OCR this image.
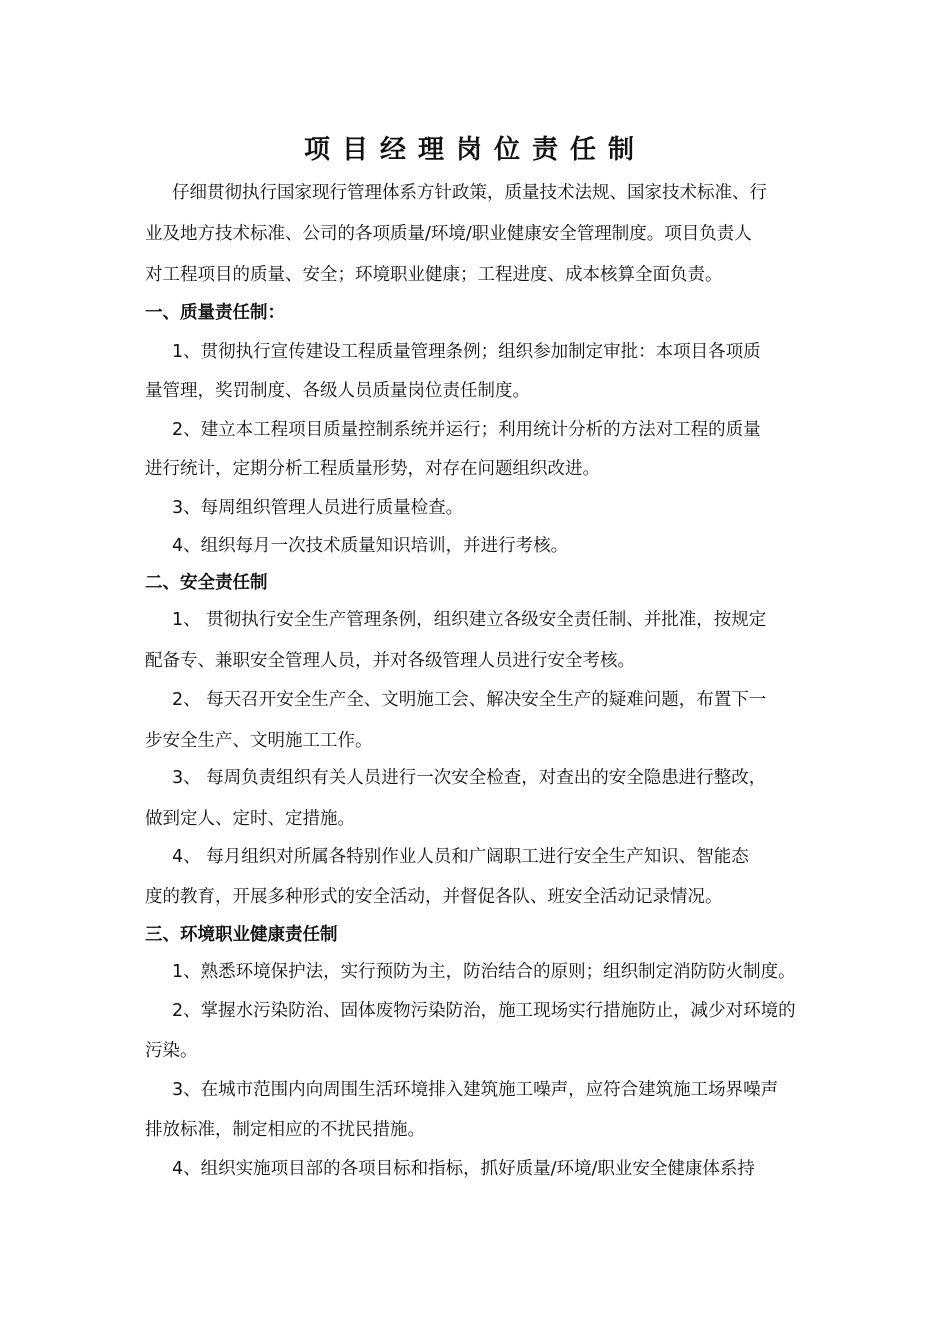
项目经理岗位责任制
仔细贯彻执行国家现行管理体系方针政策，质量技术法规、国家技术标准、行
业及地方技术标准、公司的各项质量/环境/职业健康安全管理制度。项目负责人
对工程项目的质量、安全；环境职业健康；工程进度、成本核算全面负责。
一、质量责任制：
1、贯彻执行宣传建设工程质量管理条例；组织参加制定审批：本项目各项质
量管理，奖罚制度、各级人员质量岗位责任制度。
2、建立本工程项目质量控制系统并运行；利用统计分析的方法对工程的质量
进行统计，定期分析工程质量形势，对存在问题组织改进。
3、每周组织管理人员进行质量检查。
4、组织每月一次技术质量知识培训，并进行考核。
二、安全责任制
1、 贯彻执行安全生产管理条例，组织建立各级安全责任制、并批准，按规定
配备专、兼职安全管理人员，并对各级管理人员进行安全考核。
2、 每天召开安全生产全、文明施工会、解决安全生产的疑难问题，布置下一
步安全生产、文明施工工作。
3、 每周负责组织有关人员进行一次安全检查，对查出的安全隐患进行整改，
做到定人、定时、定措施。
4、 每月组织对所属各特别作业人员和广阔职工进行安全生产知识、智能态
度的教育，开展多种形式的安全活动，并督促各队、班安全活动记录情况。
三、环境职业健康责任制
1、熟悉环境保护法，实行预防为主，防治结合的原则；组织制定消防防火制度。
2、掌握水污染防治、固体废物污染防治，施工现场实行措施防止，减少对环境的
污染。
3、在城市范围内向周围生活环境排入建筑施工噪声，应符合建筑施工场界噪声
排放标准，制定相应的不扰民措施。
4、组织实施项目部的各项目标和指标，抓好质量/环境/职业安全健康体系持
